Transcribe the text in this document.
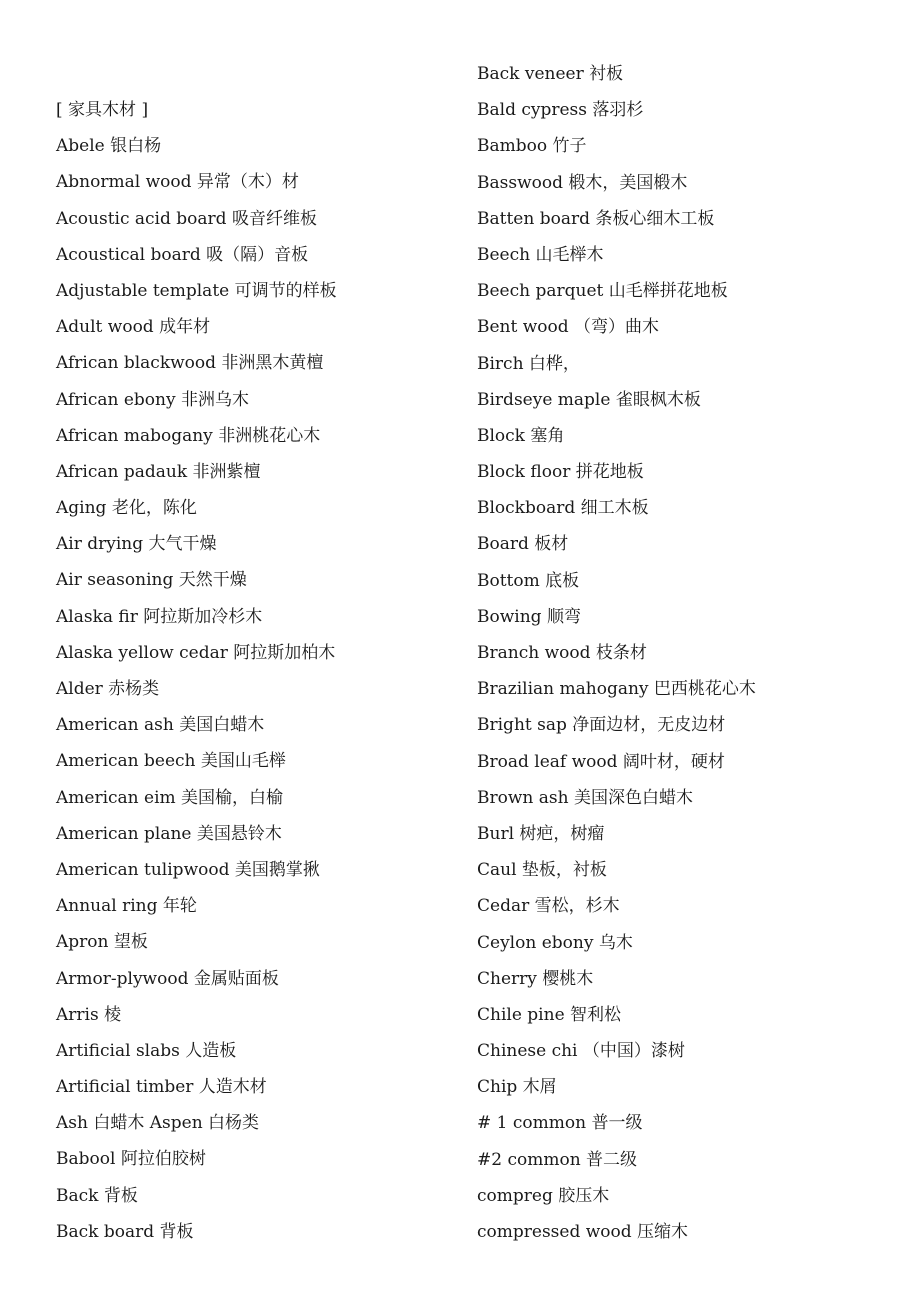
[ 家具木材 ]
Abele 银白杨
Abnormal wood 异常（木）材
Acoustic acid board 吸音纤维板
Acoustical board 吸（隔）音板
Adjustable template 可调节的样板
Adult wood 成年材
African blackwood 非洲黑木黄檀
African ebony 非洲乌木
African mabogany 非洲桃花心木
African padauk 非洲紫檀
Aging 老化，陈化
Air drying 大气干燥
Air seasoning 天然干燥
Alaska fir 阿拉斯加冷杉木
Alaska yellow cedar 阿拉斯加柏木
Alder 赤杨类
American ash 美国白蜡木
American beech 美国山毛榉
American eim 美国榆，白榆
American plane 美国悬铃木
American tulipwood 美国鹅掌揪
Annual ring 年轮
Apron 望板
Armor-plywood 金属贴面板
Arris 棱
Artificial slabs 人造板
Artificial timber 人造木材
Ash 白蜡木 Aspen 白杨类
Babool 阿拉伯胶树
Back 背板
Back board 背板
Back veneer 衬板
Bald cypress 落羽杉
Bamboo 竹子
Basswood 椴木，美国椴木
Batten board 条板心细木工板
Beech 山毛榉木
Beech parquet 山毛榉拼花地板
Bent wood （弯）曲木
Birch 白桦，
Birdseye maple 雀眼枫木板
Block 塞角
Block floor 拼花地板
Blockboard 细工木板
Board 板材
Bottom 底板
Bowing 顺弯
Branch wood 枝条材
Brazilian mahogany 巴西桃花心木
Bright sap 净面边材，无皮边材
Broad leaf wood 阔叶材，硬材
Brown ash 美国深色白蜡木
Burl 树疤，树瘤
Caul 垫板，衬板
Cedar 雪松，杉木
Ceylon ebony 乌木
Cherry 樱桃木
Chile pine 智利松
Chinese chi （中国）漆树
Chip 木屑
# 1 common 普一级
#2 common 普二级
compreg 胶压木
compressed wood 压缩木
